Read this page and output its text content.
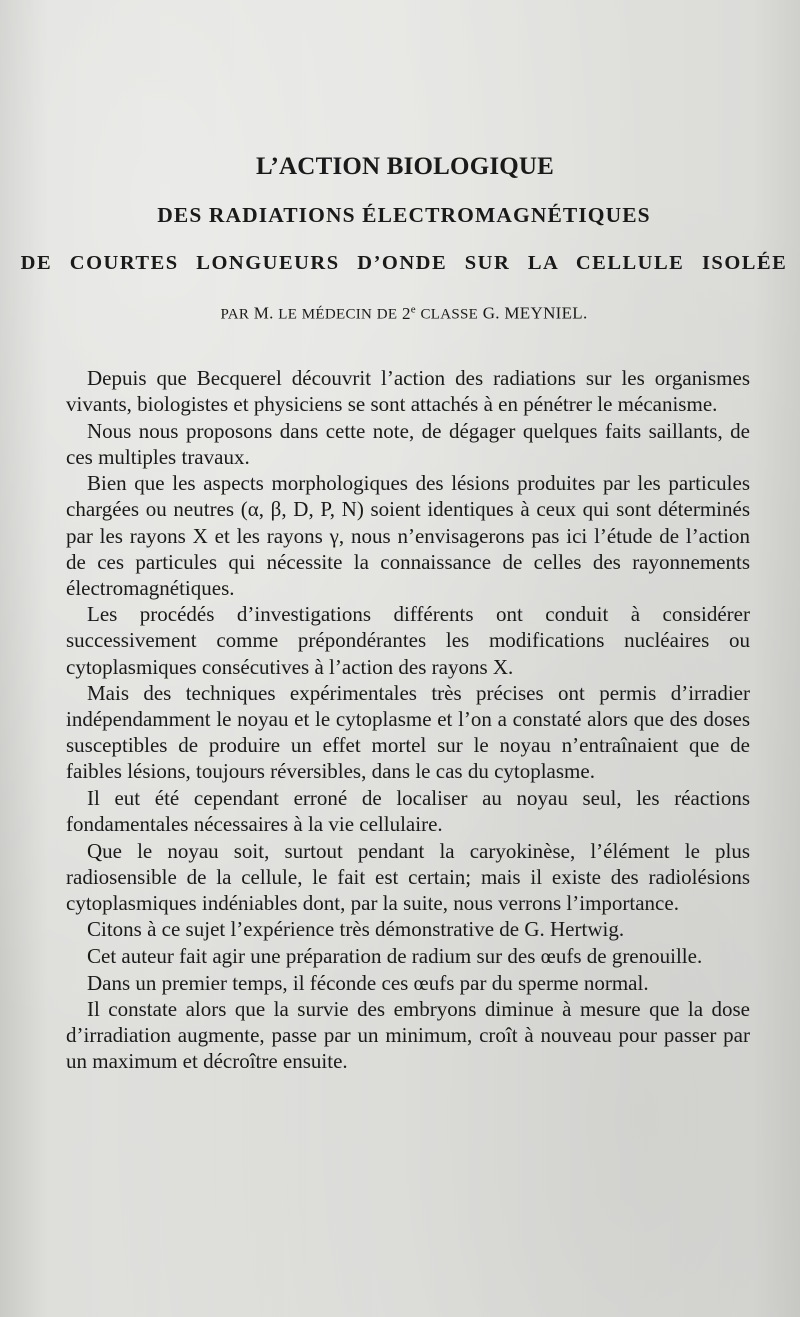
L’ACTION BIOLOGIQUE
DES RADIATIONS ÉLECTROMAGNÉTIQUES
DE COURTES LONGUEURS D’ONDE SUR LA CELLULE ISOLÉE
PAR M. LE MÉDECIN DE 2e CLASSE G. MEYNIEL.

Depuis que Becquerel découvrit l’action des radiations sur les organismes vivants, biologistes et physiciens se sont attachés à en pénétrer le mécanisme.

Nous nous proposons dans cette note, de dégager quelques faits saillants, de ces multiples travaux.

Bien que les aspects morphologiques des lésions produites par les particules chargées ou neutres (α, β, D, P, N) soient identiques à ceux qui sont déterminés par les rayons X et les rayons γ, nous n’envisagerons pas ici l’étude de l’action de ces particules qui nécessite la connaissance de celles des rayonnements électromagnétiques.

Les procédés d’investigations différents ont conduit à considérer successivement comme prépondérantes les modifications nucléaires ou cytoplasmiques consécutives à l’action des rayons X.

Mais des techniques expérimentales très précises ont permis d’irradier indépendamment le noyau et le cytoplasme et l’on a constaté alors que des doses susceptibles de produire un effet mortel sur le noyau n’entraînaient que de faibles lésions, toujours réversibles, dans le cas du cytoplasme.

Il eut été cependant erroné de localiser au noyau seul, les réactions fondamentales nécessaires à la vie cellulaire.

Que le noyau soit, surtout pendant la caryokinèse, l’élément le plus radiosensible de la cellule, le fait est certain; mais il existe des radiolésions cytoplasmiques indéniables dont, par la suite, nous verrons l’importance.

Citons à ce sujet l’expérience très démonstrative de G. Hertwig.

Cet auteur fait agir une préparation de radium sur des œufs de grenouille.

Dans un premier temps, il féconde ces œufs par du sperme normal.

Il constate alors que la survie des embryons diminue à mesure que la dose d’irradiation augmente, passe par un minimum, croît à nouveau pour passer par un maximum et décroître ensuite.
